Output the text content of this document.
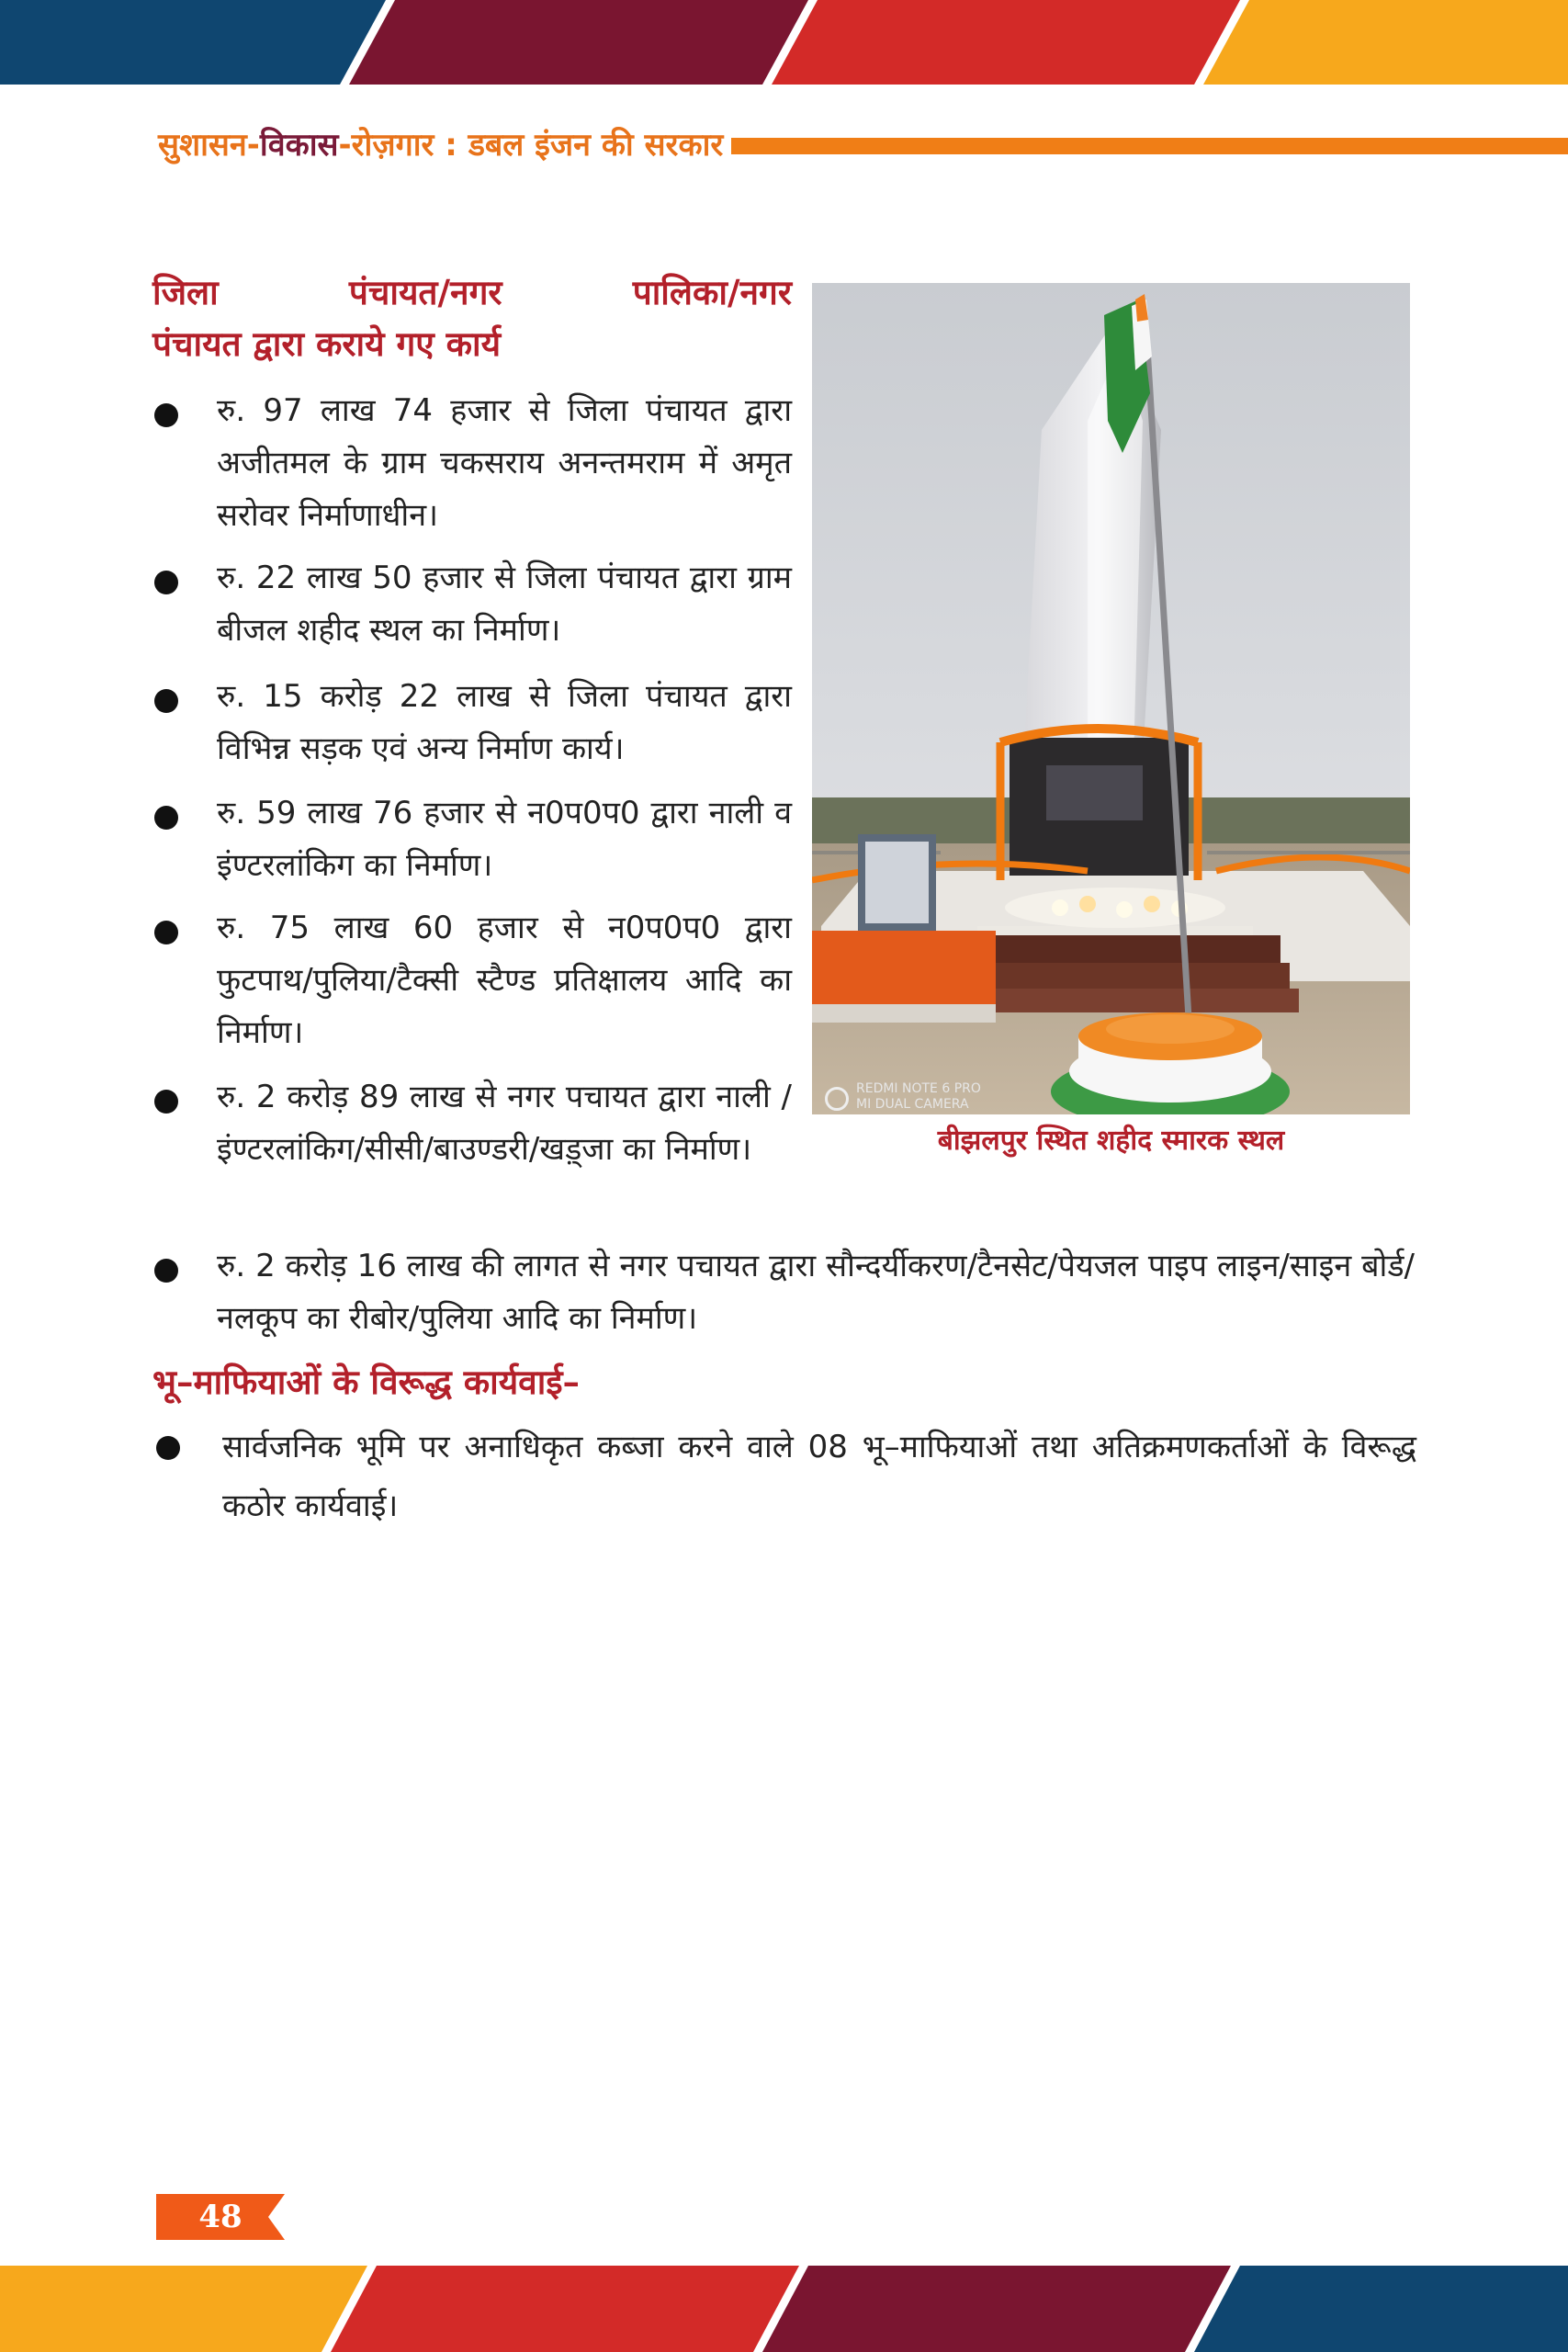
सुशासन-विकास-रोज़गार : डबल इंजन की सरकार
जिला	पंचायत/नगर	पालिका/नगर
पंचायत द्वारा कराये गए कार्य
रु. 97 लाख 74 हजार से जिला पंचायत द्वारा अजीतमल के ग्राम चकसराय अनन्तमराम में अमृत सरोवर निर्माणाधीन।
रु. 22 लाख 50 हजार से जिला पंचायत द्वारा ग्राम बीजल शहीद स्थल का निर्माण।
रु. 15 करोड़ 22 लाख से जिला पंचायत द्वारा विभिन्न सड़क एवं अन्य निर्माण कार्य।
रु. 59 लाख 76 हजार से न0प0प0 द्वारा नाली व इंण्टरलांकिग का निर्माण।
रु. 75 लाख 60 हजार से न0प0प0 द्वारा फुटपाथ/पुलिया/टैक्सी स्टैण्ड प्रतिक्षालय आदि का निर्माण।
रु. 2 करोड़ 89 लाख से नगर पचायत द्वारा नाली /इंण्टरलांकिग/सीसी/बाउण्डरी/खड़्जा का निर्माण।
रु. 2 करोड़ 16 लाख की लागत से नगर पचायत द्वारा सौन्दर्यीकरण/टैनसेट/पेयजल पाइप लाइन/साइन बोर्ड/ नलकूप का रीबोर/पुलिया आदि का निर्माण।
REDMI NOTE 6 PRO
MI DUAL CAMERA
बीझलपुर स्थित शहीद स्मारक स्थल
भू–माफियाओं के विरूद्ध कार्यवाई–
सार्वजनिक भूमि पर अनाधिकृत कब्जा करने वाले 08 भू–माफियाओं तथा अतिक्रमणकर्ताओं के विरूद्ध कठोर कार्यवाई।
48
